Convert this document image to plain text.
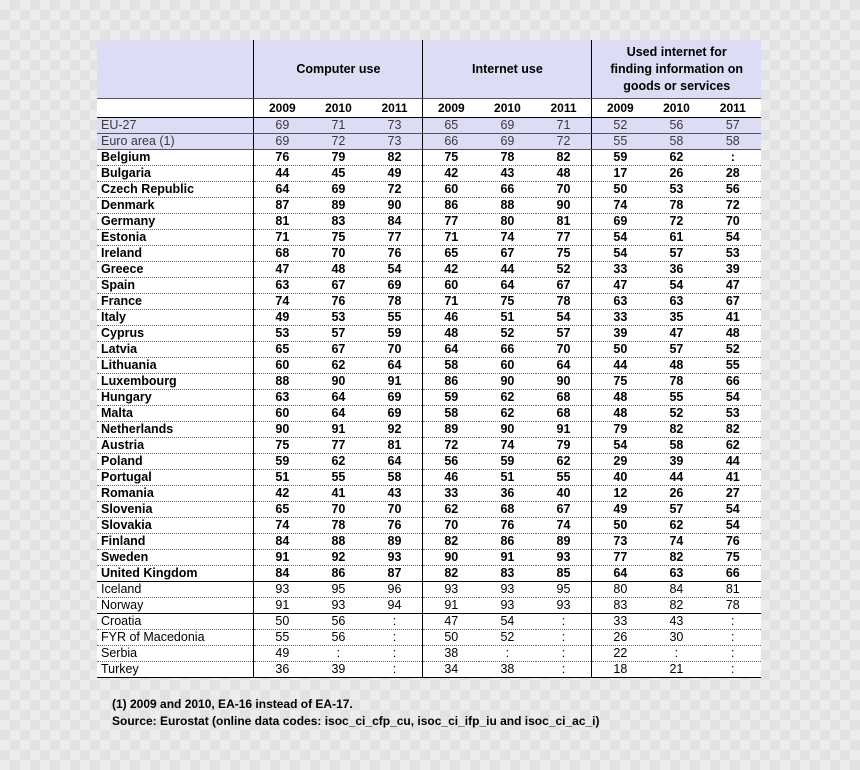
	Computer use			Internet use			Used internet for
finding information on
goods or services		
	2009	2010	2011	2009	2010	2011	2009	2010	2011
EU-27	69	71	73	65	69	71	52	56	57
Euro area (1)	69	72	73	66	69	72	55	58	58
Belgium	76	79	82	75	78	82	59	62	:
Bulgaria	44	45	49	42	43	48	17	26	28
Czech Republic	64	69	72	60	66	70	50	53	56
Denmark	87	89	90	86	88	90	74	78	72
Germany	81	83	84	77	80	81	69	72	70
Estonia	71	75	77	71	74	77	54	61	54
Ireland	68	70	76	65	67	75	54	57	53
Greece	47	48	54	42	44	52	33	36	39
Spain	63	67	69	60	64	67	47	54	47
France	74	76	78	71	75	78	63	63	67
Italy	49	53	55	46	51	54	33	35	41
Cyprus	53	57	59	48	52	57	39	47	48
Latvia	65	67	70	64	66	70	50	57	52
Lithuania	60	62	64	58	60	64	44	48	55
Luxembourg	88	90	91	86	90	90	75	78	66
Hungary	63	64	69	59	62	68	48	55	54
Malta	60	64	69	58	62	68	48	52	53
Netherlands	90	91	92	89	90	91	79	82	82
Austria	75	77	81	72	74	79	54	58	62
Poland	59	62	64	56	59	62	29	39	44
Portugal	51	55	58	46	51	55	40	44	41
Romania	42	41	43	33	36	40	12	26	27
Slovenia	65	70	70	62	68	67	49	57	54
Slovakia	74	78	76	70	76	74	50	62	54
Finland	84	88	89	82	86	89	73	74	76
Sweden	91	92	93	90	91	93	77	82	75
United Kingdom	84	86	87	82	83	85	64	63	66
Iceland	93	95	96	93	93	95	80	84	81
Norway	91	93	94	91	93	93	83	82	78
Croatia	50	56	:	47	54	:	33	43	:
FYR of Macedonia	55	56	:	50	52	:	26	30	:
Serbia	49	:	:	38	:	:	22	:	:
Turkey	36	39	:	34	38	:	18	21	:
(1) 2009 and 2010, EA-16 instead of EA-17.
Source: Eurostat (online data codes: isoc_ci_cfp_cu, isoc_ci_ifp_iu and isoc_ci_ac_i)
